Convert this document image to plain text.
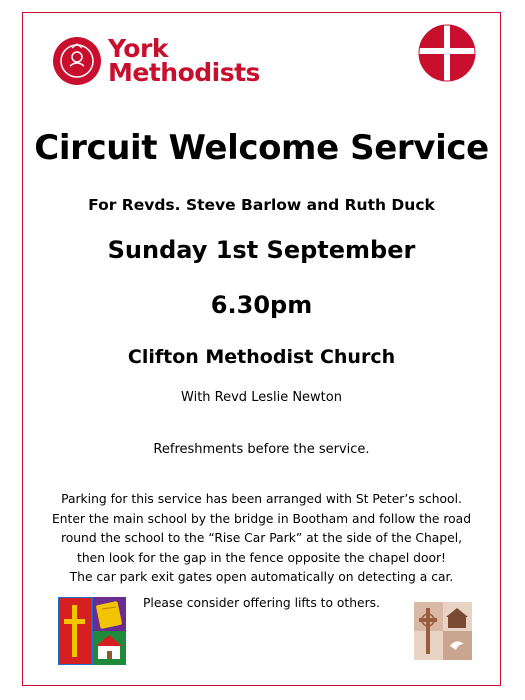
York
Methodists
Circuit Welcome Service
For Revds. Steve Barlow and Ruth Duck
Sunday 1st September
6.30pm
Clifton Methodist Church
With Revd Leslie Newton
Refreshments before the service.
Parking for this service has been arranged with St Peter’s school.
Enter the main school by the bridge in Bootham and follow the road
round the school to the “Rise Car Park” at the side of the Chapel,
then look for the gap in the fence opposite the chapel door!
The car park exit gates open automatically on detecting a car.
Please consider offering lifts to others.
